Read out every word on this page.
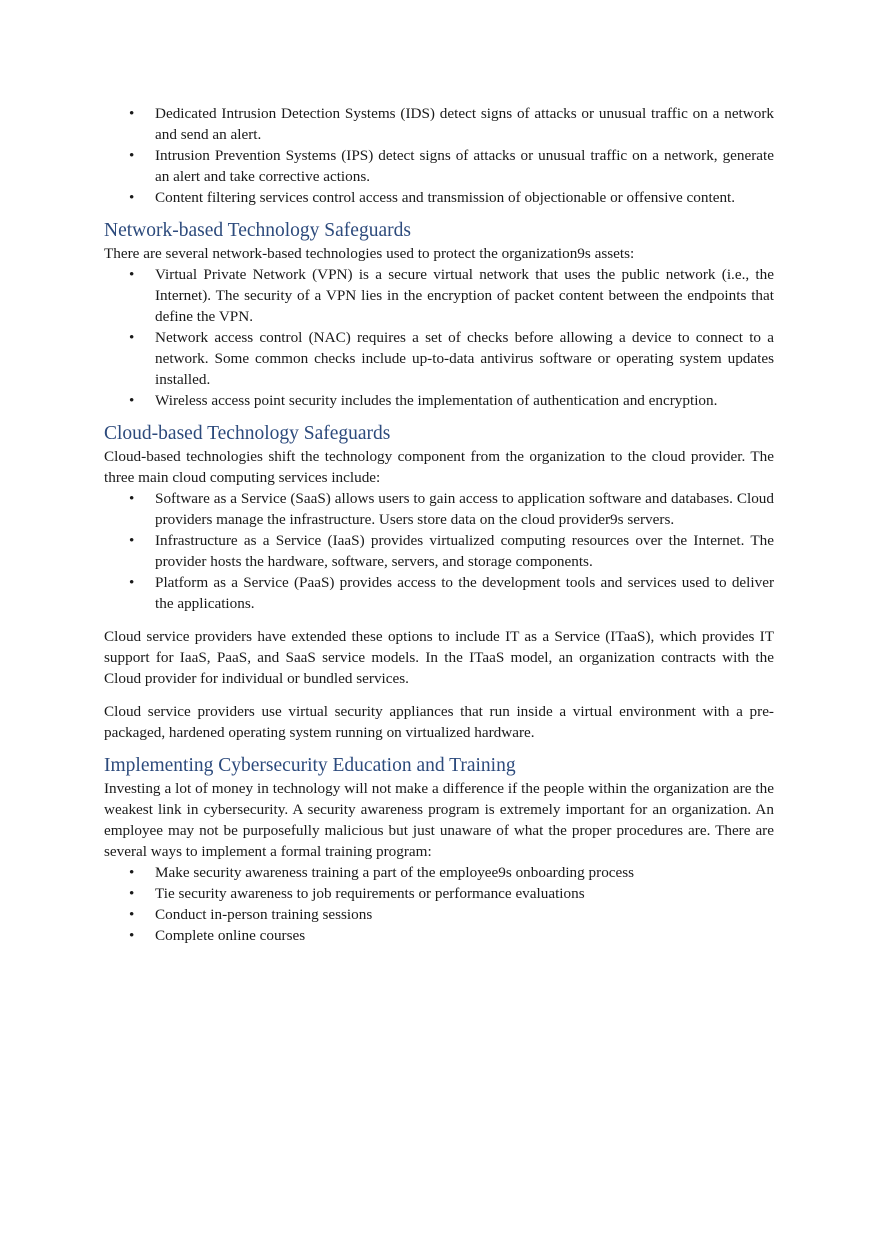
• Dedicated Intrusion Detection Systems (IDS) detect signs of attacks or unusual traffic on a network and send an alert.
• Intrusion Prevention Systems (IPS) detect signs of attacks or unusual traffic on a network, generate an alert and take corrective actions.
• Content filtering services control access and transmission of objectionable or offensive content.
Network-based Technology Safeguards

There are several network-based technologies used to protect the organization9s assets:

• Virtual Private Network (VPN) is a secure virtual network that uses the public network (i.e., the Internet). The security of a VPN lies in the encryption of packet content between the endpoints that define the VPN.
• Network access control (NAC) requires a set of checks before allowing a device to connect to a network. Some common checks include up-to-data antivirus software or operating system updates installed.
• Wireless access point security includes the implementation of authentication and encryption.
Cloud-based Technology Safeguards

Cloud-based technologies shift the technology component from the organization to the cloud provider. The three main cloud computing services include:

• Software as a Service (SaaS) allows users to gain access to application software and databases. Cloud providers manage the infrastructure. Users store data on the cloud provider9s servers.
• Infrastructure as a Service (IaaS) provides virtualized computing resources over the Internet. The provider hosts the hardware, software, servers, and storage components.
• Platform as a Service (PaaS) provides access to the development tools and services used to deliver the applications.

Cloud service providers have extended these options to include IT as a Service (ITaaS), which provides IT support for IaaS, PaaS, and SaaS service models. In the ITaaS model, an organization contracts with the Cloud provider for individual or bundled services.

Cloud service providers use virtual security appliances that run inside a virtual environment with a pre-packaged, hardened operating system running on virtualized hardware.

Implementing Cybersecurity Education and Training

Investing a lot of money in technology will not make a difference if the people within the organization are the weakest link in cybersecurity. A security awareness program is extremely important for an organization. An employee may not be purposefully malicious but just unaware of what the proper procedures are. There are several ways to implement a formal training program:

• Make security awareness training a part of the employee9s onboarding process
• Tie security awareness to job requirements or performance evaluations
• Conduct in-person training sessions
• Complete online courses
